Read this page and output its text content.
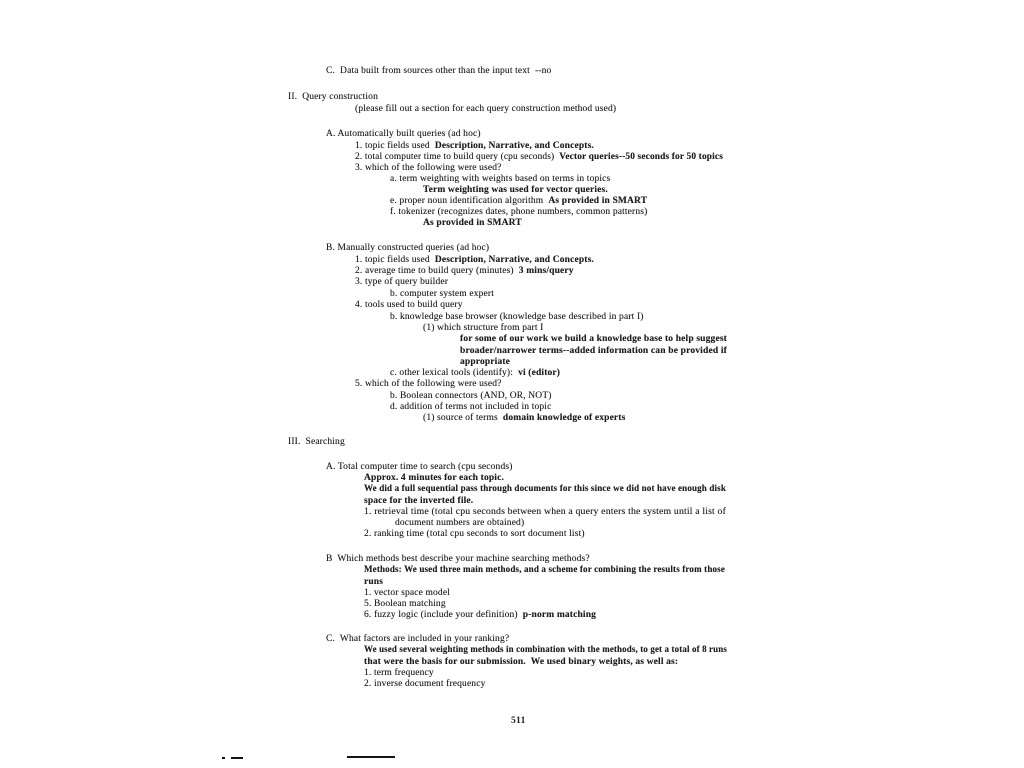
C.  Data built from sources other than the input text  --no
II.  Query construction
(please fill out a section for each query construction method used)
A. Automatically built queries (ad hoc)
1. topic fields used  Description, Narrative, and Concepts.
2. total computer time to build query (cpu seconds)  Vector queries--50 seconds for 50 topics
3. which of the following were used?
a. term weighting with weights based on terms in topics
Term weighting was used for vector queries.
e. proper noun identification algorithm  As provided in SMART
f. tokenizer (recognizes dates, phone numbers, common patterns)
As provided in SMART
B. Manually constructed queries (ad hoc)
1. topic fields used  Description, Narrative, and Concepts.
2. average time to build query (minutes)  3 mins/query
3. type of query builder
b. computer system expert
4. tools used to build query
b. knowledge base browser (knowledge base described in part I)
(1) which structure from part I
for some of our work we build a knowledge base to help suggest
broader/narrower terms--added information can be provided if
appropriate
c. other lexical tools (identify):  vi (editor)
5. which of the following were used?
b. Boolean connectors (AND, OR, NOT)
d. addition of terms not included in topic
(1) source of terms  domain knowledge of experts
III.  Searching
A. Total computer time to search (cpu seconds)
Approx. 4 minutes for each topic.
We did a full sequential pass through documents for this since we did not have enough disk
space for the inverted file.
1. retrieval time (total cpu seconds between when a query enters the system until a list of
document numbers are obtained)
2. ranking time (total cpu seconds to sort document list)
B  Which methods best describe your machine searching methods?
Methods: We used three main methods, and a scheme for combining the results from those
runs
1. vector space model
5. Boolean matching
6. fuzzy logic (include your definition)  p-norm matching
C.  What factors are included in your ranking?
We used several weighting methods in combination with the methods, to get a total of 8 runs
that were the basis for our submission.  We used binary weights, as well as:
1. term frequency
2. inverse document frequency
511
